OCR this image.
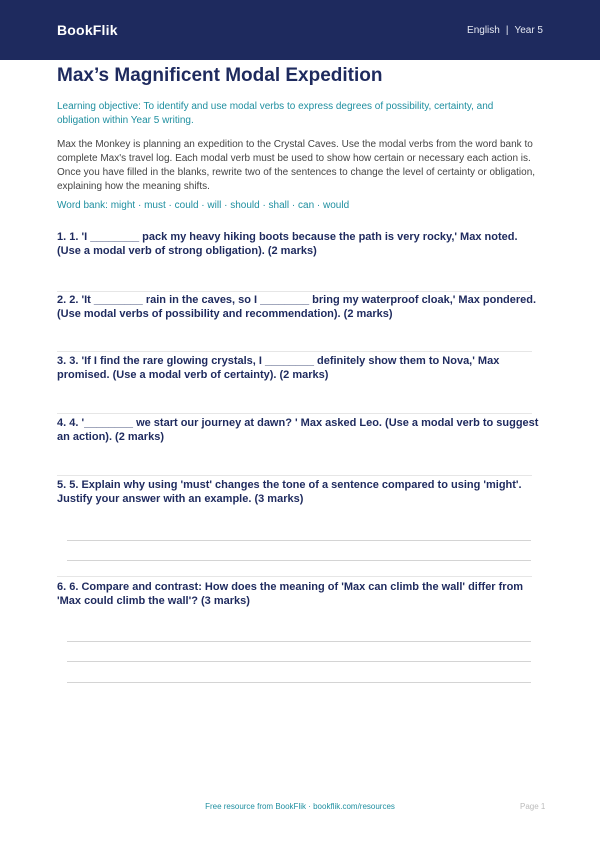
BookFlik	English | Year 5
Max’s Magnificent Modal Expedition
Learning objective: To identify and use modal verbs to express degrees of possibility, certainty, and obligation within Year 5 writing.
Max the Monkey is planning an expedition to the Crystal Caves. Use the modal verbs from the word bank to complete Max's travel log. Each modal verb must be used to show how certain or necessary each action is. Once you have filled in the blanks, rewrite two of the sentences to change the level of certainty or obligation, explaining how the meaning shifts.
Word bank: might · must · could · will · should · shall · can · would
1. 1. 'I ________ pack my heavy hiking boots because the path is very rocky,' Max noted. (Use a modal verb of strong obligation). (2 marks)
2. 2. 'It ________ rain in the caves, so I ________ bring my waterproof cloak,' Max pondered. (Use modal verbs of possibility and recommendation). (2 marks)
3. 3. 'If I find the rare glowing crystals, I ________ definitely show them to Nova,' Max promised. (Use a modal verb of certainty). (2 marks)
4. 4. '________ we start our journey at dawn? ' Max asked Leo. (Use a modal verb to suggest an action). (2 marks)
5. 5. Explain why using 'must' changes the tone of a sentence compared to using 'might'. Justify your answer with an example. (3 marks)
6. 6. Compare and contrast: How does the meaning of 'Max can climb the wall' differ from 'Max could climb the wall'? (3 marks)
Free resource from BookFlik · bookflik.com/resources	Page 1
